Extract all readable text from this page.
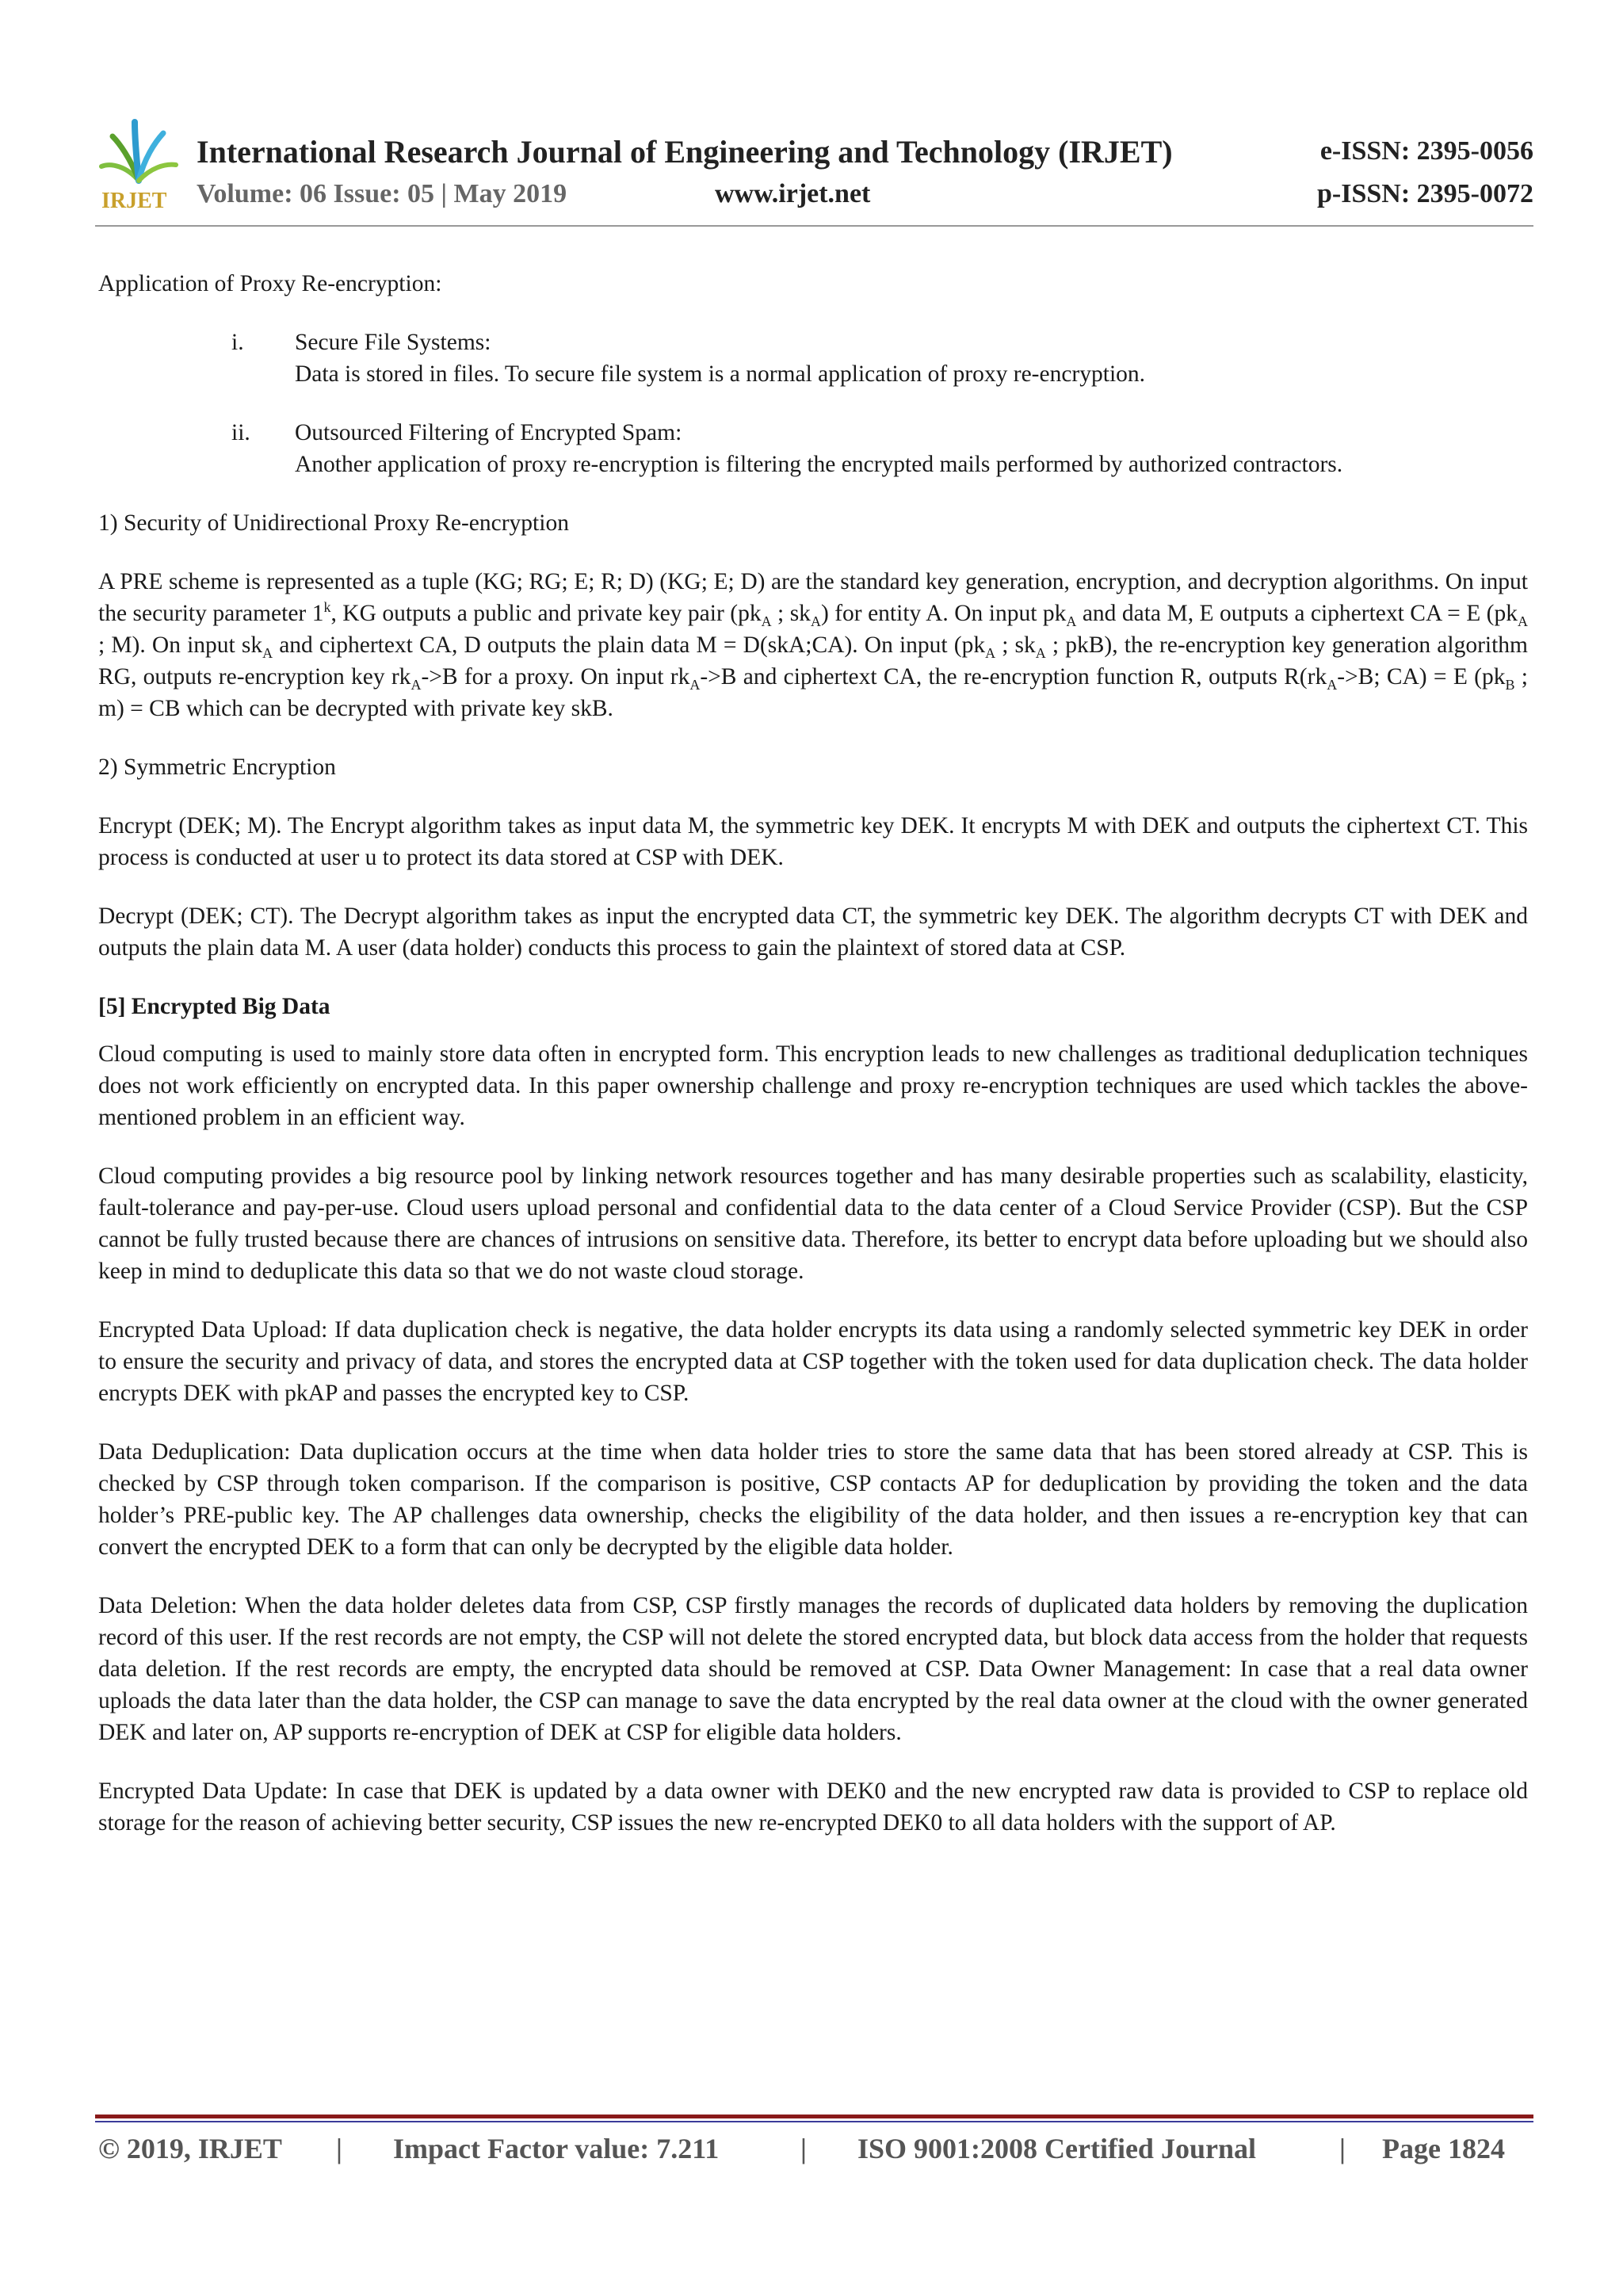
IRJET
International Research Journal of Engineering and Technology (IRJET)	e-ISSN: 2395-0056
Volume: 06 Issue: 05 | May 2019	www.irjet.net	p-ISSN: 2395-0072

Application of Proxy Re-encryption:

i. Secure File Systems:
Data is stored in files. To secure file system is a normal application of proxy re-encryption.
ii. Outsourced Filtering of Encrypted Spam:
Another application of proxy re-encryption is filtering the encrypted mails performed by authorized contractors.

1) Security of Unidirectional Proxy Re-encryption

A PRE scheme is represented as a tuple (KG; RG; E; R; D) (KG; E; D) are the standard key generation, encryption, and decryption algorithms. On input the security parameter 1$^k$, KG outputs a public and private key pair ($pk_A$ ; $sk_A$) for entity A. On input $pk_A$ and data M, E outputs a ciphertext CA = E ($pk_A$ ; M). On input $sk_A$ and ciphertext CA, D outputs the plain data M = D(skA;CA). On input ($pk_A$ ; $sk_A$ ; pkB), the re-encryption key generation algorithm RG, outputs re-encryption key $rk_A->B$ for a proxy. On input $rk_A->B$ and ciphertext CA, the re-encryption function R, outputs $R(rk_A->B$; CA) = E ($pk_B$ ; m) = CB which can be decrypted with private key skB.

2) Symmetric Encryption

Encrypt (DEK; M). The Encrypt algorithm takes as input data M, the symmetric key DEK. It encrypts M with DEK and outputs the ciphertext CT. This process is conducted at user u to protect its data stored at CSP with DEK.

Decrypt (DEK; CT). The Decrypt algorithm takes as input the encrypted data CT, the symmetric key DEK. The algorithm decrypts CT with DEK and outputs the plain data M. A user (data holder) conducts this process to gain the plaintext of stored data at CSP.

[5] Encrypted Big Data

Cloud computing is used to mainly store data often in encrypted form. This encryption leads to new challenges as traditional deduplication techniques does not work efficiently on encrypted data. In this paper ownership challenge and proxy re-encryption techniques are used which tackles the above-mentioned problem in an efficient way.

Cloud computing provides a big resource pool by linking network resources together and has many desirable properties such as scalability, elasticity, fault-tolerance and pay-per-use. Cloud users upload personal and confidential data to the data center of a Cloud Service Provider (CSP). But the CSP cannot be fully trusted because there are chances of intrusions on sensitive data. Therefore, its better to encrypt data before uploading but we should also keep in mind to deduplicate this data so that we do not waste cloud storage.

Encrypted Data Upload: If data duplication check is negative, the data holder encrypts its data using a randomly selected symmetric key DEK in order to ensure the security and privacy of data, and stores the encrypted data at CSP together with the token used for data duplication check. The data holder encrypts DEK with pkAP and passes the encrypted key to CSP.

Data Deduplication: Data duplication occurs at the time when data holder tries to store the same data that has been stored already at CSP. This is checked by CSP through token comparison. If the comparison is positive, CSP contacts AP for deduplication by providing the token and the data holder’s PRE-public key. The AP challenges data ownership, checks the eligibility of the data holder, and then issues a re-encryption key that can convert the encrypted DEK to a form that can only be decrypted by the eligible data holder.

Data Deletion: When the data holder deletes data from CSP, CSP firstly manages the records of duplicated data holders by removing the duplication record of this user. If the rest records are not empty, the CSP will not delete the stored encrypted data, but block data access from the holder that requests data deletion. If the rest records are empty, the encrypted data should be removed at CSP. Data Owner Management: In case that a real data owner uploads the data later than the data holder, the CSP can manage to save the data encrypted by the real data owner at the cloud with the owner generated DEK and later on, AP supports re-encryption of DEK at CSP for eligible data holders.

Encrypted Data Update: In case that DEK is updated by a data owner with DEK0 and the new encrypted raw data is provided to CSP to replace old storage for the reason of achieving better security, CSP issues the new re-encrypted DEK0 to all data holders with the support of AP.

© 2019, IRJET | Impact Factor value: 7.211	| ISO 9001:2008 Certified Journal	| Page 1824
